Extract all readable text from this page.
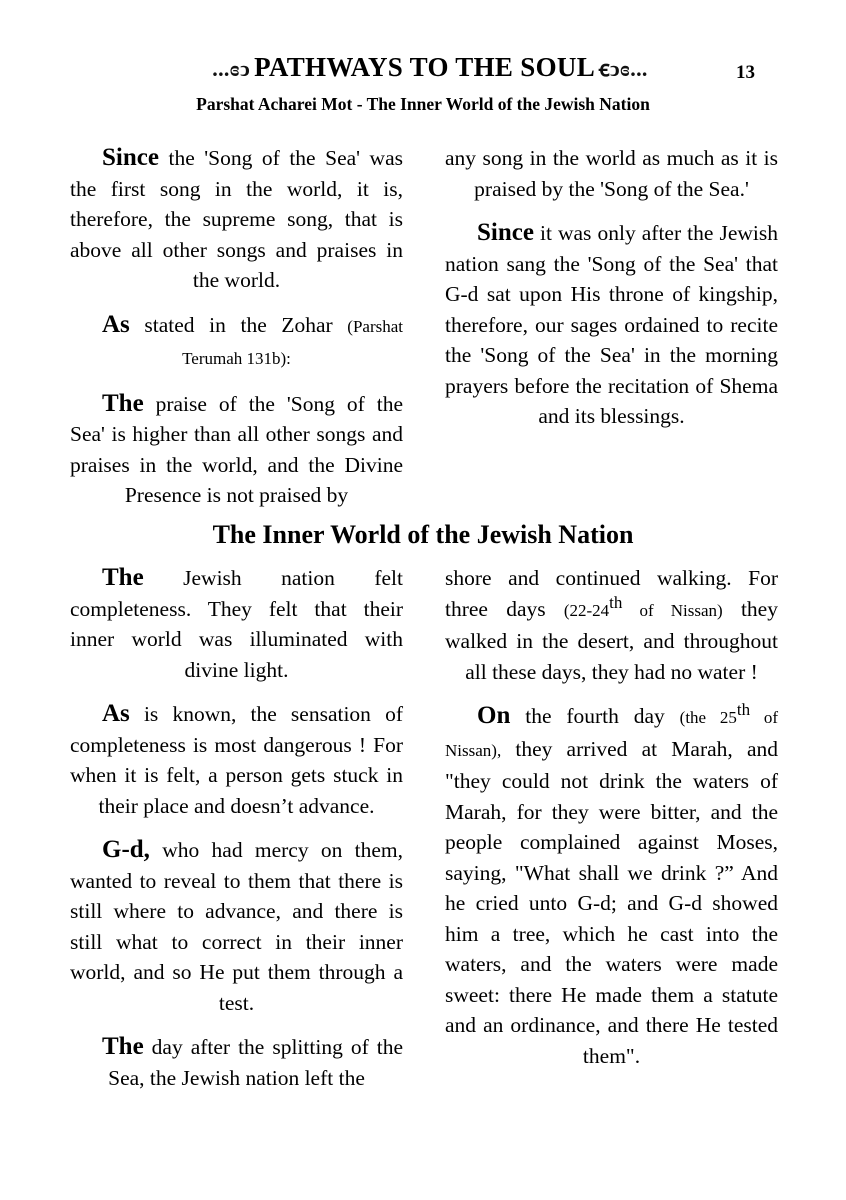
...ɞↄ PATHWAYS TO THE SOUL ꞓↄɞ...	13
Parshat Acharei Mot - The Inner World of the Jewish Nation

Since the 'Song of the Sea' was the first song in the world, it is, therefore, the supreme song, that is above all other songs and praises in the world.

As stated in the Zohar (Parshat Terumah 131b):

The praise of the 'Song of the Sea' is higher than all other songs and praises in the world, and the Divine Presence is not praised by

any song in the world as much as it is praised by the 'Song of the Sea.'

Since it was only after the Jewish nation sang the 'Song of the Sea' that G-d sat upon His throne of kingship, therefore, our sages ordained to recite the 'Song of the Sea' in the morning prayers before the recitation of Shema and its blessings.

The Inner World of the Jewish Nation

The Jewish nation felt completeness. They felt that their inner world was illuminated with divine light.

As is known, the sensation of completeness is most dangerous ! For when it is felt, a person gets stuck in their place and doesn’t advance.

G-d, who had mercy on them, wanted to reveal to them that there is still where to advance, and there is still what to correct in their inner world, and so He put them through a test.

The day after the splitting of the Sea, the Jewish nation left the

shore and continued walking. For three days (22-24th of Nissan) they walked in the desert, and throughout all these days, they had no water !

On the fourth day (the 25th of Nissan), they arrived at Marah, and "they could not drink the waters of Marah, for they were bitter, and the people complained against Moses, saying, "What shall we drink ?” And he cried unto G-d; and G-d showed him a tree, which he cast into the waters, and the waters were made sweet: there He made them a statute and an ordinance, and there He tested them".
